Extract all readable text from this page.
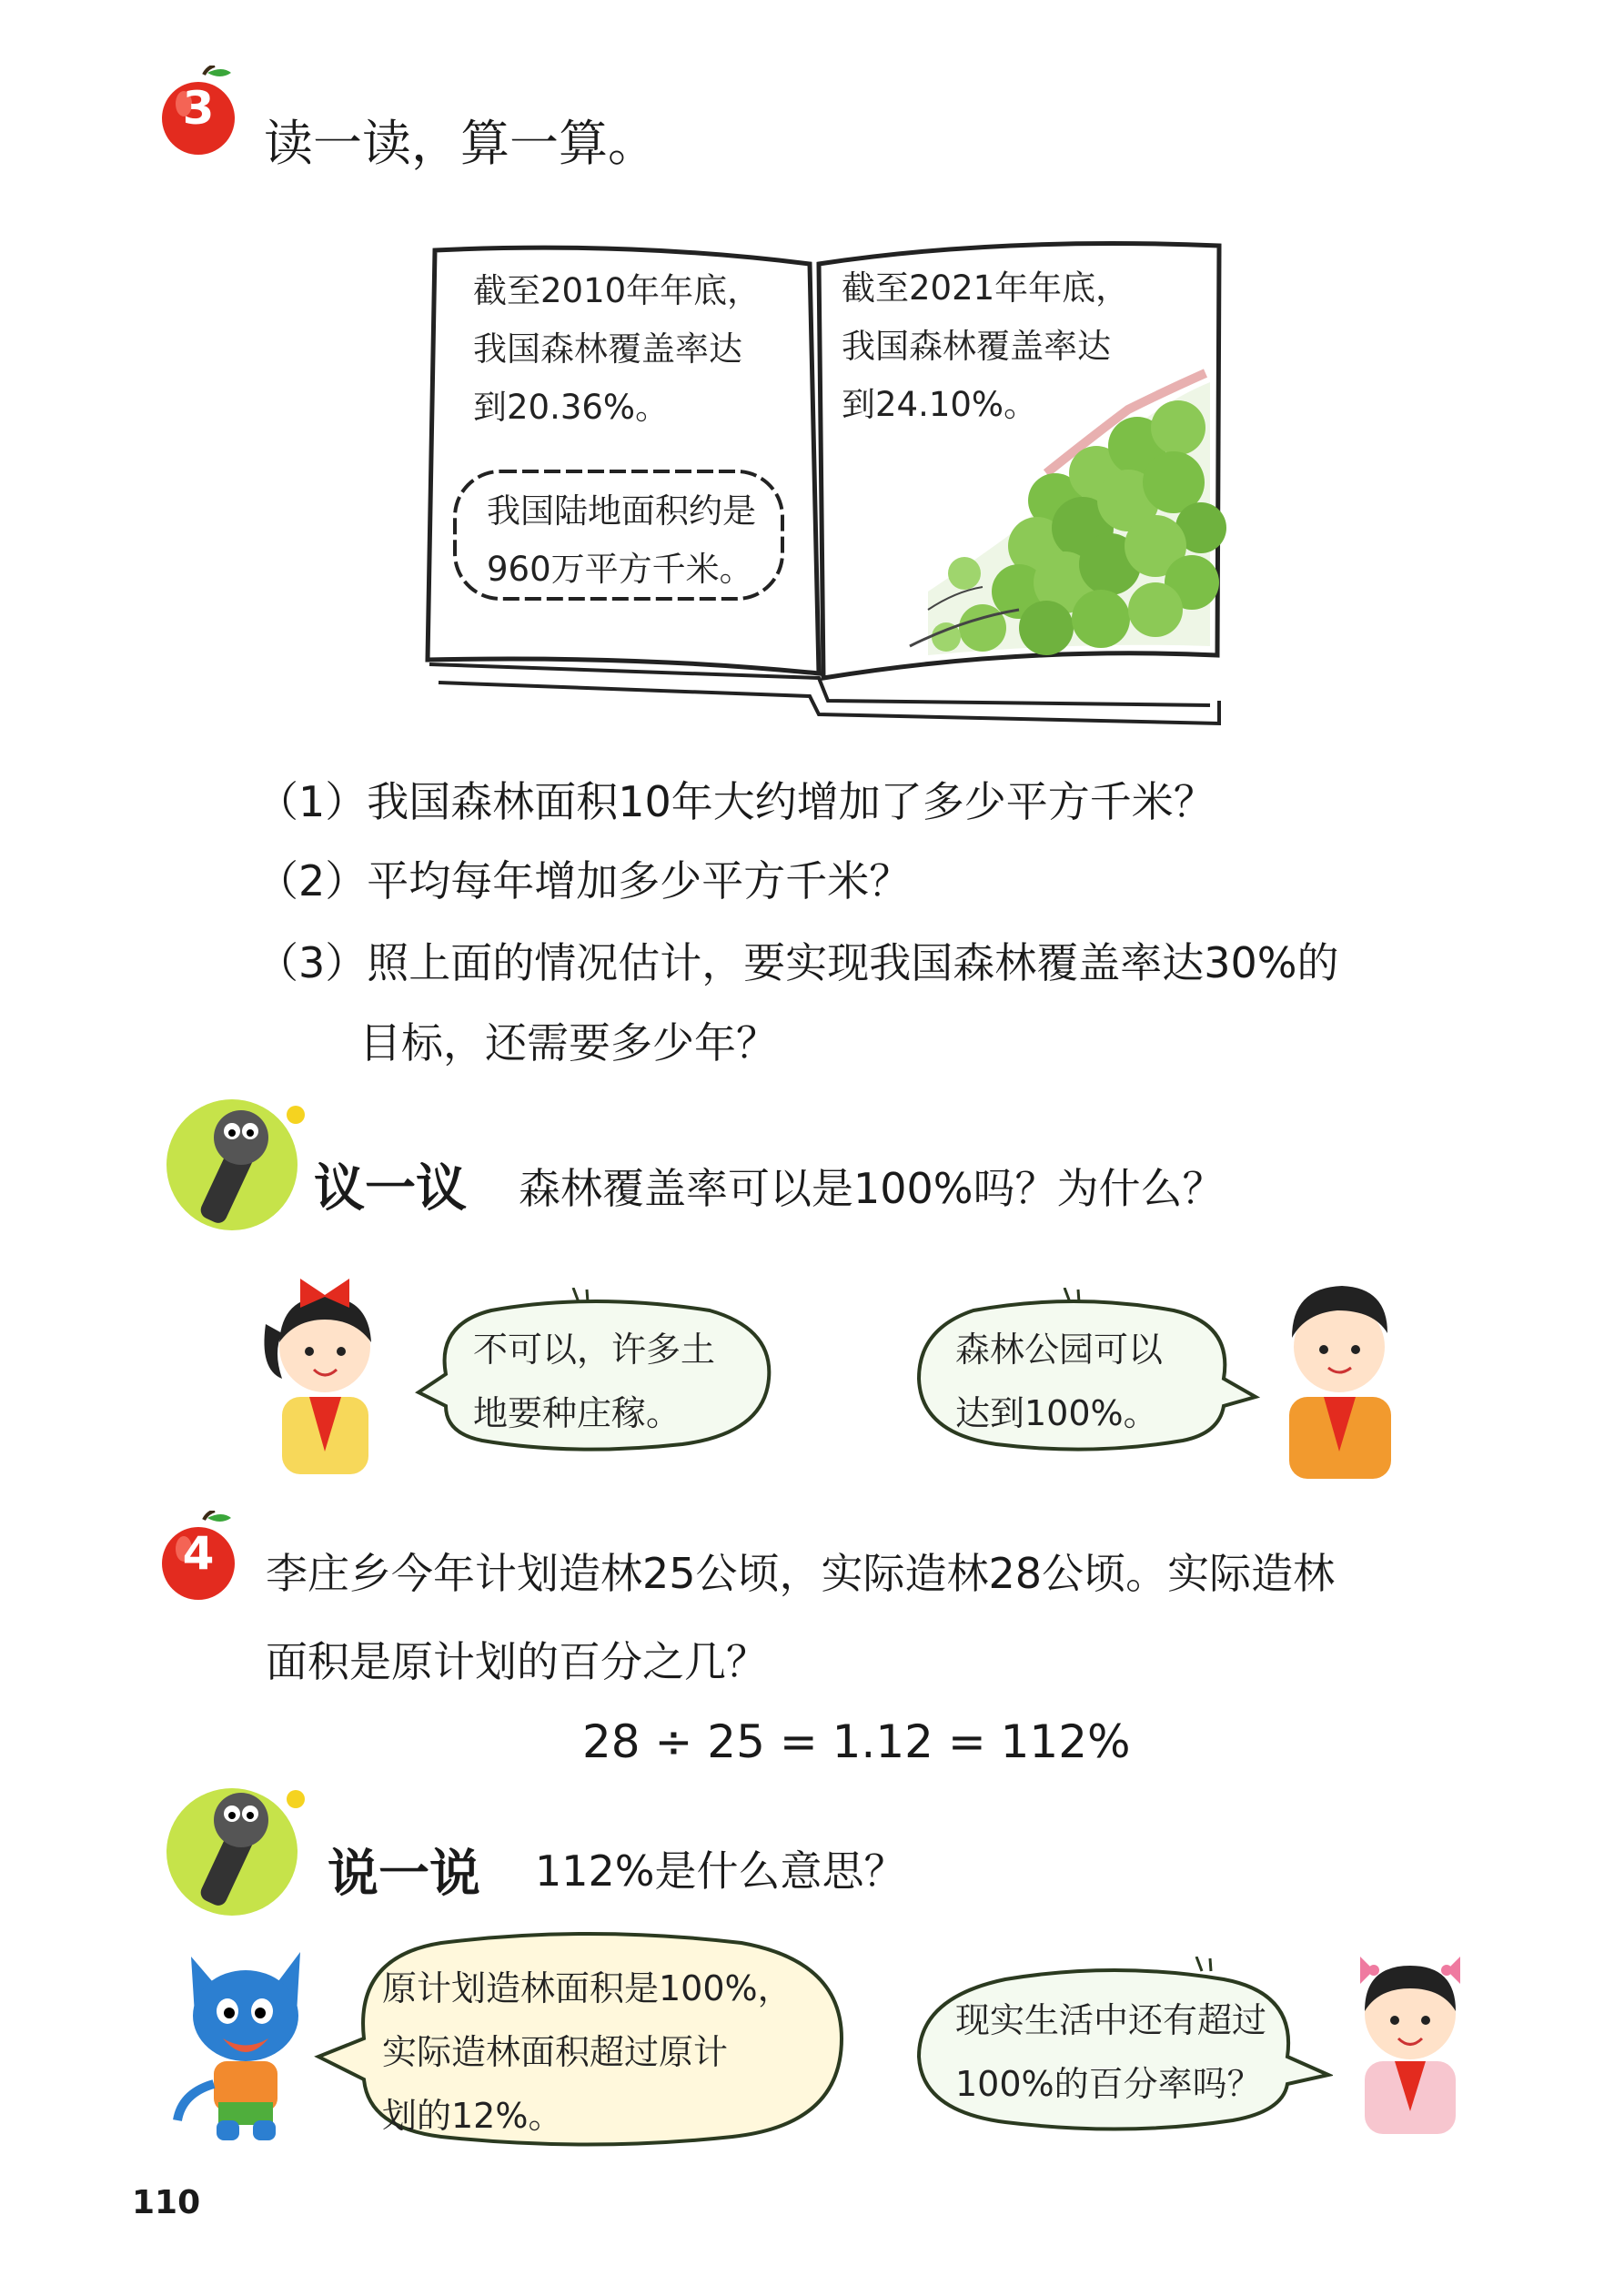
3
读一读，算一算。
截至2010年年底，
我国森林覆盖率达
到20.36%。
我国陆地面积约是
960万平方千米。
截至2021年年底，
我国森林覆盖率达
到24.10%。
（1）我国森林面积10年大约增加了多少平方千米？
（2）平均每年增加多少平方千米？
（3）照上面的情况估计，要实现我国森林覆盖率达30%的
目标，还需要多少年？
议一议 森林覆盖率可以是100%吗？为什么？
不可以，许多土
地要种庄稼。
森林公园可以
达到100%。
4	李庄乡今年计划造林25公顷，实际造林28公顷。实际造林
面积是原计划的百分之几？
28 ÷ 25 = 1.12 = 112%
说一说 112%是什么意思？
原计划造林面积是100%，
实际造林面积超过原计
划的12%。
现实生活中还有超过
100%的百分率吗？
110
